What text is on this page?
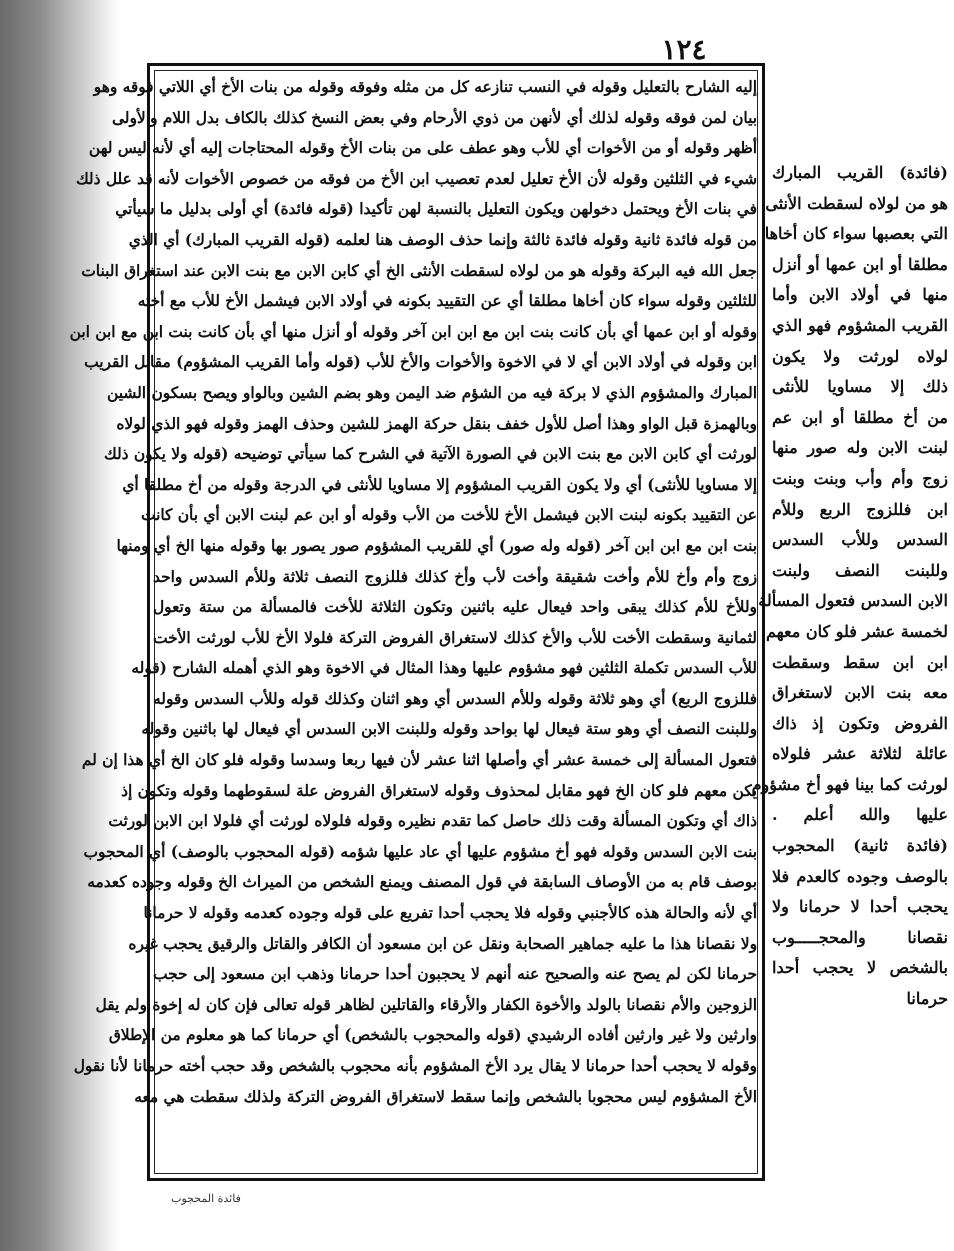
١٢٤
إليه الشارح بالتعليل وقوله في النسب تنازعه كل من مثله وفوقه وقوله من بنات الأخ أي اللاتي فوقه وهو
بيان لمن فوقه وقوله لذلك أي لأنهن من ذوي الأرحام وفي بعض النسخ كذلك بالكاف بدل اللام والأولى
أظهر وقوله أو من الأخوات أي للأب وهو عطف على من بنات الأخ وقوله المحتاجات إليه أي لأنه ليس لهن
شيء في الثلثين وقوله لأن الأخ تعليل لعدم تعصيب ابن الأخ من فوقه من خصوص الأخوات لأنه قد علل ذلك
في بنات الأخ ويحتمل دخولهن ويكون التعليل بالنسبة لهن تأكيدا (قوله فائدة) أي أولى بدليل ما سيأتي
من قوله فائدة ثانية وقوله فائدة ثالثة وإنما حذف الوصف هنا لعلمه (قوله القريب المبارك) أي الذي
جعل الله فيه البركة وقوله هو من لولاه لسقطت الأنثى الخ أي كابن الابن مع بنت الابن عند استغراق البنات
للثلثين وقوله سواء كان أخاها مطلقا أي عن التقييد بكونه في أولاد الابن فيشمل الأخ للأب مع أخته
وقوله أو ابن عمها أي بأن كانت بنت ابن مع ابن ابن آخر وقوله أو أنزل منها أي بأن كانت بنت ابن مع ابن ابن
ابن وقوله في أولاد الابن أي لا في الاخوة والأخوات والأخ للأب (قوله وأما القريب المشؤوم) مقابل القريب
المبارك والمشؤوم الذي لا بركة فيه من الشؤم ضد اليمن وهو بضم الشين وبالواو ويصح بسكون الشين
وبالهمزة قبل الواو وهذا أصل للأول خفف بنقل حركة الهمز للشين وحذف الهمز وقوله فهو الذي لولاه
لورثت أي كابن الابن مع بنت الابن في الصورة الآتية في الشرح كما سيأتي توضيحه (قوله ولا يكون ذلك
إلا مساويا للأنثى) أي ولا يكون القريب المشؤوم إلا مساويا للأنثى في الدرجة وقوله من أخ مطلقا أي
عن التقييد بكونه لبنت الابن فيشمل الأخ للأخت من الأب وقوله أو ابن عم لبنت الابن أي بأن كانت
بنت ابن مع ابن ابن آخر (قوله وله صور) أي للقريب المشؤوم صور يصور بها وقوله منها الخ أي ومنها
زوج وأم وأخ للأم وأخت شقيقة وأخت لأب وأخ كذلك فللزوج النصف ثلاثة وللأم السدس واحد
وللأخ للأم كذلك يبقى واحد فيعال عليه باثنين وتكون الثلاثة للأخت فالمسألة من ستة وتعول
لثمانية وسقطت الأخت للأب والأخ كذلك لاستغراق الفروض التركة فلولا الأخ للأب لورثت الأخت
للأب السدس تكملة الثلثين فهو مشؤوم عليها وهذا المثال في الاخوة وهو الذي أهمله الشارح (قوله
فللزوج الربع) أي وهو ثلاثة وقوله وللأم السدس أي وهو اثنان وكذلك قوله وللأب السدس وقوله
وللبنت النصف أي وهو ستة فيعال لها بواحد وقوله وللبنت الابن السدس أي فيعال لها باثنين وقوله
فتعول المسألة إلى خمسة عشر أي وأصلها اثنا عشر لأن فيها ربعا وسدسا وقوله فلو كان الخ أي هذا إن لم
يكن معهم فلو كان الخ فهو مقابل لمحذوف وقوله لاستغراق الفروض علة لسقوطهما وقوله وتكون إذ
ذاك أي وتكون المسألة وقت ذلك حاصل كما تقدم نظيره وقوله فلولاه لورثت أي فلولا ابن الابن لورثت
بنت الابن السدس وقوله فهو أخ مشؤوم عليها أي عاد عليها شؤمه (قوله المحجوب بالوصف) أي المحجوب
بوصف قام به من الأوصاف السابقة في قول المصنف ويمنع الشخص من الميراث الخ وقوله وجوده كعدمه
أي لأنه والحالة هذه كالأجنبي وقوله فلا يحجب أحدا تفريع على قوله وجوده كعدمه وقوله لا حرمانا
ولا نقصانا هذا ما عليه جماهير الصحابة ونقل عن ابن مسعود أن الكافر والقاتل والرقيق يحجب غيره
حرمانا لكن لم يصح عنه والصحيح عنه أنهم لا يحجبون أحدا حرمانا وذهب ابن مسعود إلى حجب
الزوجين والأم نقصانا بالولد والأخوة الكفار والأرقاء والقاتلين لظاهر قوله تعالى فإن كان له إخوة ولم يقل
وارثين ولا غير وارثين أفاده الرشيدي (قوله والمحجوب بالشخص) أي حرمانا كما هو معلوم من الإطلاق
وقوله لا يحجب أحدا حرمانا لا يقال يرد الأخ المشؤوم بأنه محجوب بالشخص وقد حجب أخته حرمانا لأنا نقول
الأخ المشؤوم ليس محجوبا بالشخص وإنما سقط لاستغراق الفروض التركة ولذلك سقطت هي معه
(فائدة) القريب المبارك
هو من لولاه لسقطت الأنثى
التي بعصبها سواء كان أخاها
مطلقا أو ابن عمها أو أنزل
منها في أولاد الابن وأما
القريب المشؤوم فهو الذي
لولاه لورثت ولا يكون
ذلك إلا مساويا للأنثى
من أخ مطلقا أو ابن عم
لبنت الابن وله صور منها
زوج وأم وأب وبنت وبنت
ابن فللزوج الربع وللأم
السدس وللأب السدس
وللبنت النصف ولبنت
الابن السدس فتعول المسألة
لخمسة عشر فلو كان معهم
ابن ابن سقط وسقطت
معه بنت الابن لاستغراق
الفروض وتكون إذ ذاك
عائلة لثلاثة عشر فلولاه
لورثت كما بينا فهو أخ مشؤوم
عليها والله أعلم .
(فائدة ثانية) المحجوب
بالوصف وجوده كالعدم فلا
يحجب أحدا لا حرمانا ولا
نقصانا والمحجـــــوب
بالشخص لا يحجب أحدا
حرمانا
فائدة المحجوب
